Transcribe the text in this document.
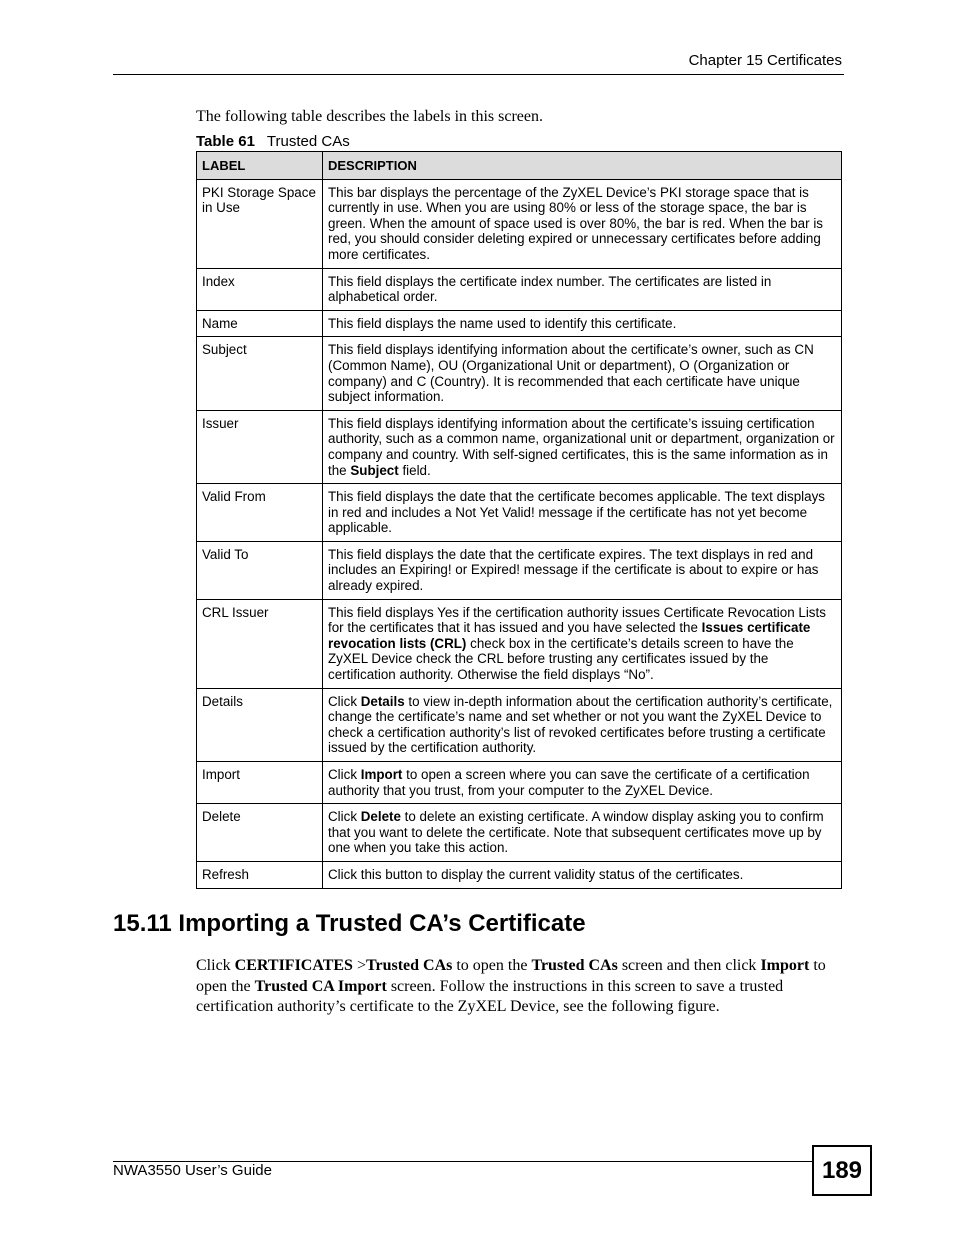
Chapter 15 Certificates
The following table describes the labels in this screen.
Table 61 Trusted CAs
LABEL	DESCRIPTION
PKI Storage Space in Use	This bar displays the percentage of the ZyXEL Device’s PKI storage space that is currently in use. When you are using 80% or less of the storage space, the bar is green. When the amount of space used is over 80%, the bar is red. When the bar is red, you should consider deleting expired or unnecessary certificates before adding more certificates.
Index	This field displays the certificate index number. The certificates are listed in alphabetical order.
Name	This field displays the name used to identify this certificate.
Subject	This field displays identifying information about the certificate’s owner, such as CN (Common Name), OU (Organizational Unit or department), O (Organization or company) and C (Country). It is recommended that each certificate have unique subject information.
Issuer	This field displays identifying information about the certificate’s issuing certification authority, such as a common name, organizational unit or department, organization or company and country. With self-signed certificates, this is the same information as in the Subject field.
Valid From	This field displays the date that the certificate becomes applicable. The text displays in red and includes a Not Yet Valid! message if the certificate has not yet become applicable.
Valid To	This field displays the date that the certificate expires. The text displays in red and includes an Expiring! or Expired! message if the certificate is about to expire or has already expired.
CRL Issuer	This field displays Yes if the certification authority issues Certificate Revocation Lists for the certificates that it has issued and you have selected the Issues certificate revocation lists (CRL) check box in the certificate’s details screen to have the ZyXEL Device check the CRL before trusting any certificates issued by the certification authority. Otherwise the field displays “No”.
Details	Click Details to view in-depth information about the certification authority’s certificate, change the certificate’s name and set whether or not you want the ZyXEL Device to check a certification authority’s list of revoked certificates before trusting a certificate issued by the certification authority.
Import	Click Import to open a screen where you can save the certificate of a certification authority that you trust, from your computer to the ZyXEL Device.
Delete	Click Delete to delete an existing certificate. A window display asking you to confirm that you want to delete the certificate. Note that subsequent certificates move up by one when you take this action.
Refresh	Click this button to display the current validity status of the certificates.
15.11 Importing a Trusted CA’s Certificate
Click CERTIFICATES >Trusted CAs to open the Trusted CAs screen and then click Import to open the Trusted CA Import screen. Follow the instructions in this screen to save a trusted certification authority’s certificate to the ZyXEL Device, see the following figure.
NWA3550 User’s Guide	189
